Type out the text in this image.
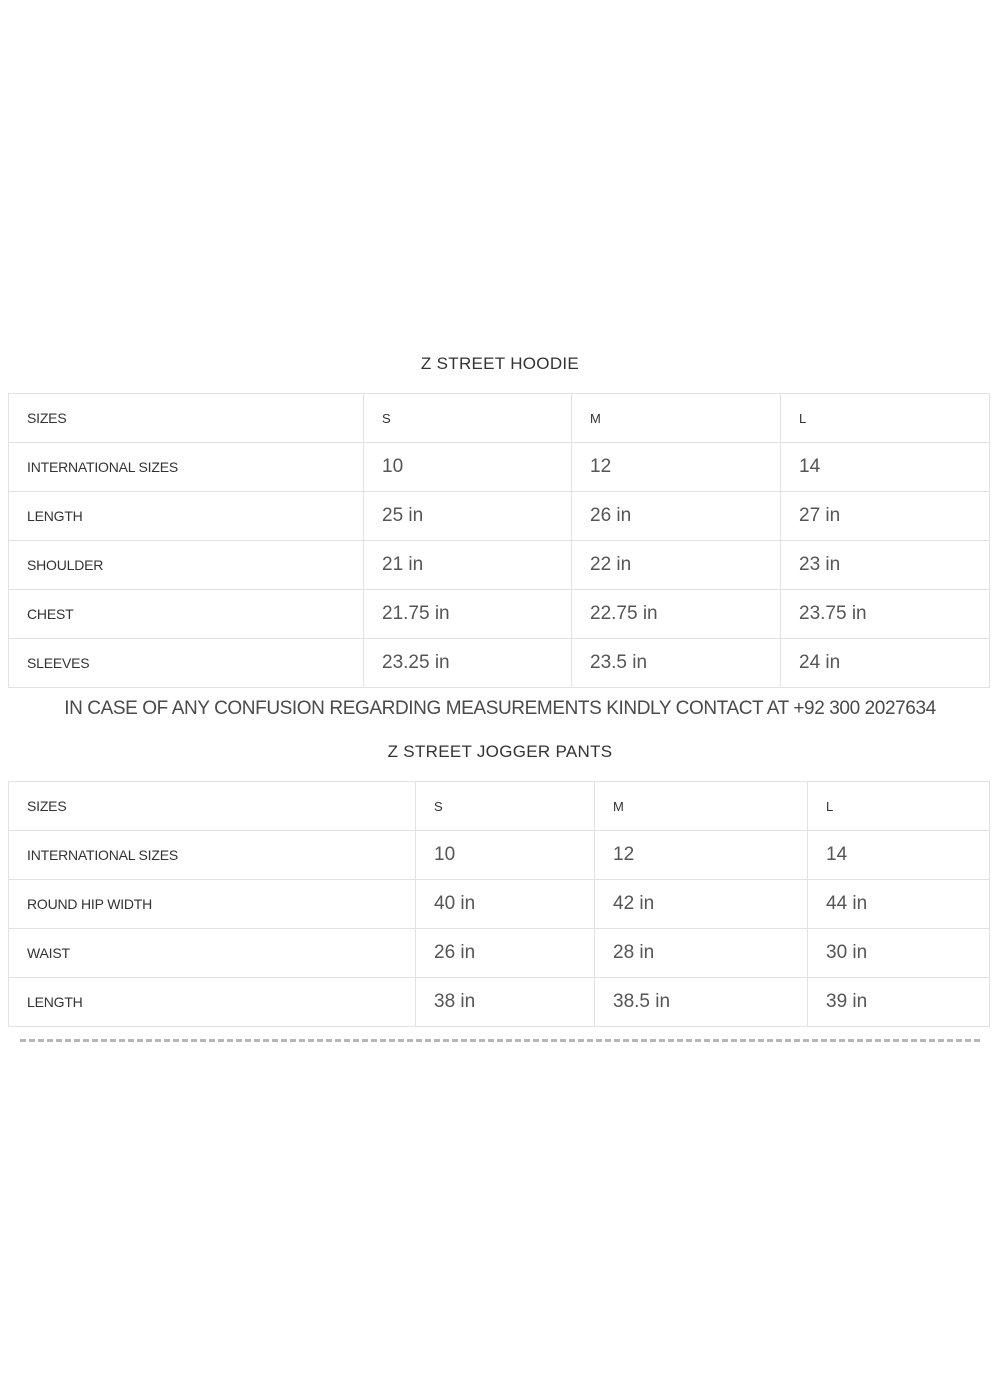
Z STREET HOODIE
SIZES	S	M	L
INTERNATIONAL SIZES	10	12	14
LENGTH	25 in	26 in	27 in
SHOULDER	21 in	22 in	23 in
CHEST	21.75 in	22.75 in	23.75 in
SLEEVES	23.25 in	23.5 in	24 in
IN CASE OF ANY CONFUSION REGARDING MEASUREMENTS KINDLY CONTACT AT +92 300 2027634
Z STREET JOGGER PANTS
SIZES	S	M	L
INTERNATIONAL SIZES	10	12	14
ROUND HIP WIDTH	40 in	42 in	44 in
WAIST	26 in	28 in	30 in
LENGTH	38 in	38.5 in	39 in
